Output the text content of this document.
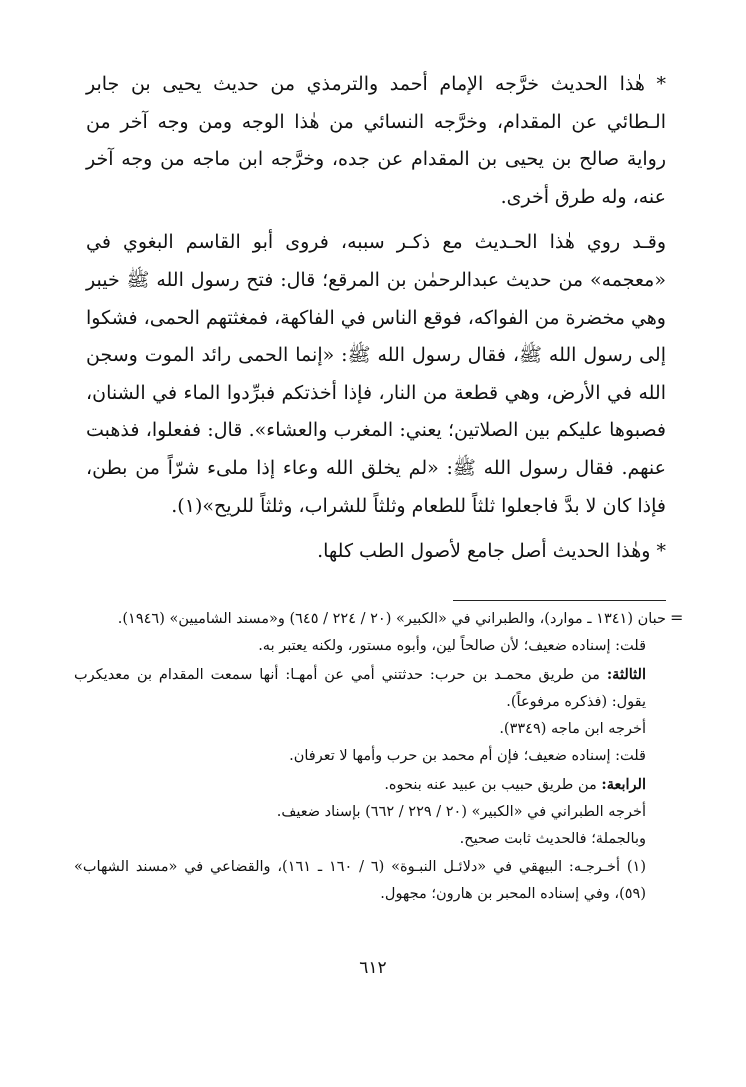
* هٰذا الحديث خرَّجه الإمام أحمد والترمذي من حديث يحيى بن جابر الـطائي عن المقدام، وخرَّجه النسائي من هٰذا الوجه ومن وجه آخر من رواية صالح بن يحيى بن المقدام عن جده، وخرَّجه ابن ماجه من وجه آخر عنه، وله طرق أخرى.

وقـد روي هٰذا الحـديث مع ذكـر سببه، فروى أبو القاسم البغوي في «معجمه» من حديث عبدالرحمٰن بن المرقع؛ قال: فتح رسول الله ﷺ خيبر وهي مخضرة من الفواكه، فوقع الناس في الفاكهة، فمغثتهم الحمى، فشكوا إلى رسول الله ﷺ، فقال رسول الله ﷺ: «إنما الحمى رائد الموت وسجن الله في الأرض، وهي قطعة من النار، فإذا أخذتكم فبرِّدوا الماء في الشنان، فصبوها عليكم بين الصلاتين؛ يعني: المغرب والعشاء». قال: ففعلوا، فذهبت عنهم. فقال رسول الله ﷺ: «لم يخلق الله وعاء إذا ملىء شرّاً من بطن، فإذا كان لا بدَّ فاجعلوا ثلثاً للطعام وثلثاً للشراب، وثلثاً للريح»(١).

* وهٰذا الحديث أصل جامع لأصول الطب كلها.

=

حبان (١٣٤١ ـ موارد)، والطبراني في «الكبير» (٢٠ / ٢٢٤ / ٦٤٥) و«مسند الشاميين» (١٩٤٦).

قلت: إسناده ضعيف؛ لأن صالحاً لين، وأبوه مستور، ولكنه يعتبر به.

الثالثة: من طريق محمـد بن حرب: حدثتني أمي عن أمهـا: أنها سمعت المقدام بن معديكرب يقول: (فذكره مرفوعاً).

أخرجه ابن ماجه (٣٣٤٩).

قلت: إسناده ضعيف؛ فإن أم محمد بن حرب وأمها لا تعرفان.

الرابعة: من طريق حبيب بن عبيد عنه بنحوه.

أخرجه الطبراني في «الكبير» (٢٠ / ٢٢٩ / ٦٦٢) بإسناد ضعيف.

وبالجملة؛ فالحديث ثابت صحيح.

(١) أخـرجـه: البيهقي في «دلائـل النبـوة» (٦ / ١٦٠ ـ ١٦١)، والقضاعي في «مسند الشهاب» (٥٩)، وفي إسناده المحبر بن هارون؛ مجهول.

٦١٢
